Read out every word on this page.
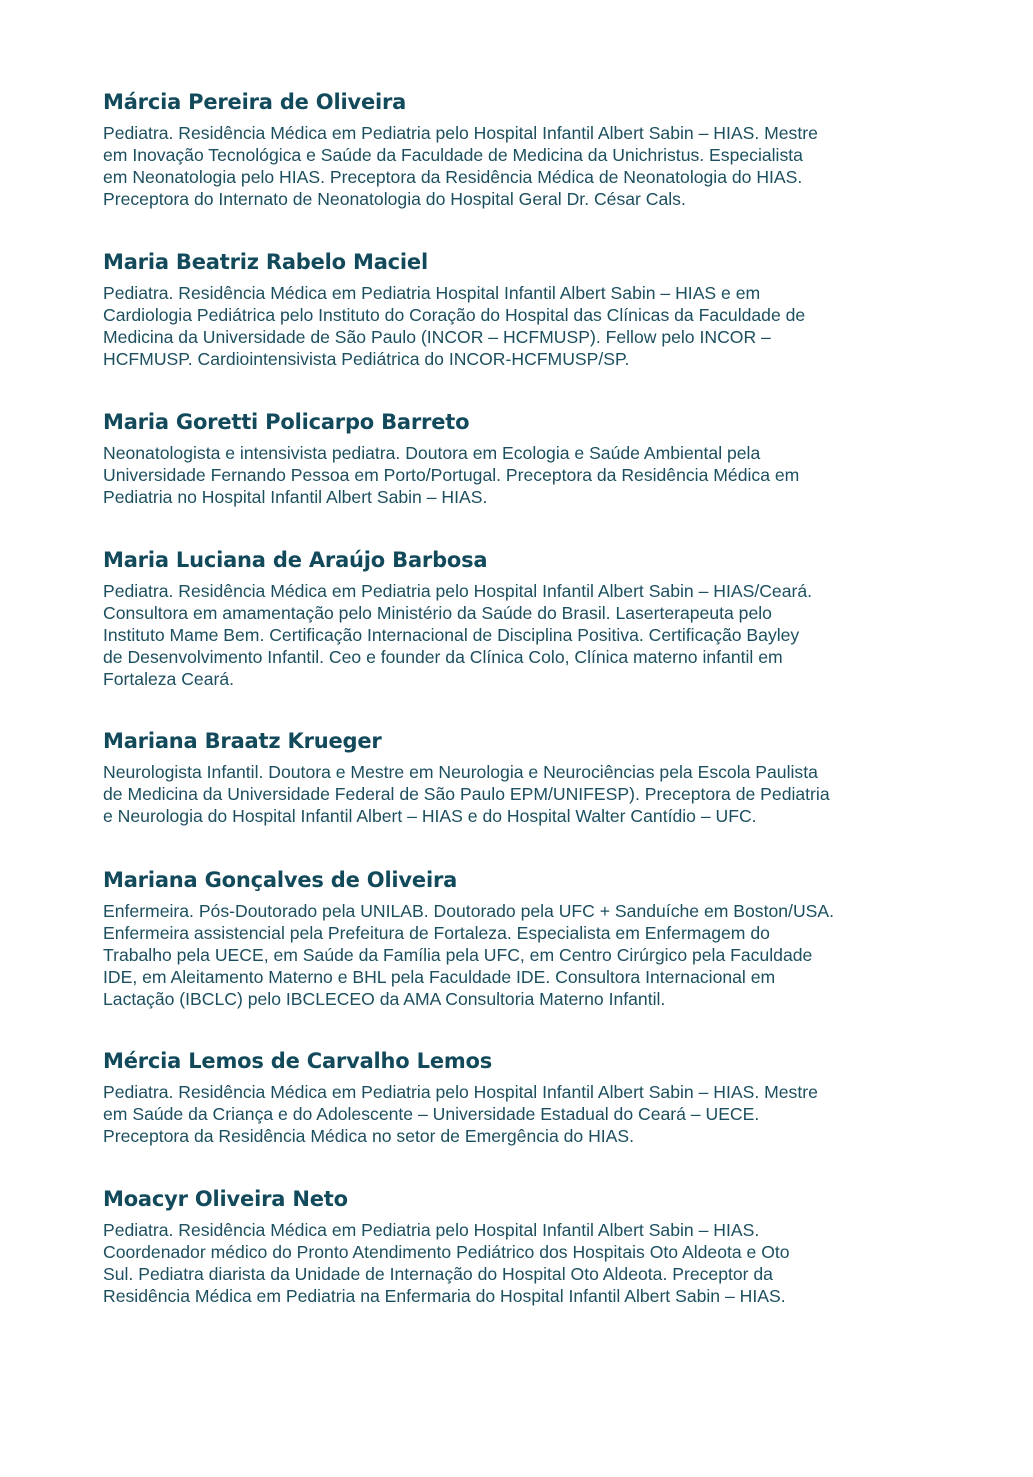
Márcia Pereira de Oliveira

Pediatra. Residência Médica em Pediatria pelo Hospital Infantil Albert Sabin – HIAS. Mestre
em Inovação Tecnológica e Saúde da Faculdade de Medicina da Unichristus. Especialista
em Neonatologia pelo HIAS. Preceptora da Residência Médica de Neonatologia do HIAS.
Preceptora do Internato de Neonatologia do Hospital Geral Dr. César Cals.

Maria Beatriz Rabelo Maciel

Pediatra. Residência Médica em Pediatria Hospital Infantil Albert Sabin – HIAS e em
Cardiologia Pediátrica pelo Instituto do Coração do Hospital das Clínicas da Faculdade de
Medicina da Universidade de São Paulo (INCOR – HCFMUSP). Fellow pelo INCOR –
HCFMUSP. Cardiointensivista Pediátrica do INCOR-HCFMUSP/SP.

Maria Goretti Policarpo Barreto

Neonatologista e intensivista pediatra. Doutora em Ecologia e Saúde Ambiental pela
Universidade Fernando Pessoa em Porto/Portugal. Preceptora da Residência Médica em
Pediatria no Hospital Infantil Albert Sabin – HIAS.

Maria Luciana de Araújo Barbosa

Pediatra. Residência Médica em Pediatria pelo Hospital Infantil Albert Sabin – HIAS/Ceará.
Consultora em amamentação pelo Ministério da Saúde do Brasil. Laserterapeuta pelo
Instituto Mame Bem. Certificação Internacional de Disciplina Positiva. Certificação Bayley
de Desenvolvimento Infantil. Ceo e founder da Clínica Colo, Clínica materno infantil em
Fortaleza Ceará.

Mariana Braatz Krueger

Neurologista Infantil. Doutora e Mestre em Neurologia e Neurociências pela Escola Paulista
de Medicina da Universidade Federal de São Paulo EPM/UNIFESP). Preceptora de Pediatria
e Neurologia do Hospital Infantil Albert – HIAS e do Hospital Walter Cantídio – UFC.

Mariana Gonçalves de Oliveira

Enfermeira. Pós-Doutorado pela UNILAB. Doutorado pela UFC + Sanduíche em Boston/USA.
Enfermeira assistencial pela Prefeitura de Fortaleza. Especialista em Enfermagem do
Trabalho pela UECE, em Saúde da Família pela UFC, em Centro Cirúrgico pela Faculdade
IDE, em Aleitamento Materno e BHL pela Faculdade IDE. Consultora Internacional em
Lactação (IBCLC) pelo IBCLECEO da AMA Consultoria Materno Infantil.

Mércia Lemos de Carvalho Lemos

Pediatra. Residência Médica em Pediatria pelo Hospital Infantil Albert Sabin – HIAS. Mestre
em Saúde da Criança e do Adolescente – Universidade Estadual do Ceará – UECE.
Preceptora da Residência Médica no setor de Emergência do HIAS.

Moacyr Oliveira Neto

Pediatra. Residência Médica em Pediatria pelo Hospital Infantil Albert Sabin – HIAS.
Coordenador médico do Pronto Atendimento Pediátrico dos Hospitais Oto Aldeota e Oto
Sul. Pediatra diarista da Unidade de Internação do Hospital Oto Aldeota. Preceptor da
Residência Médica em Pediatria na Enfermaria do Hospital Infantil Albert Sabin – HIAS.
